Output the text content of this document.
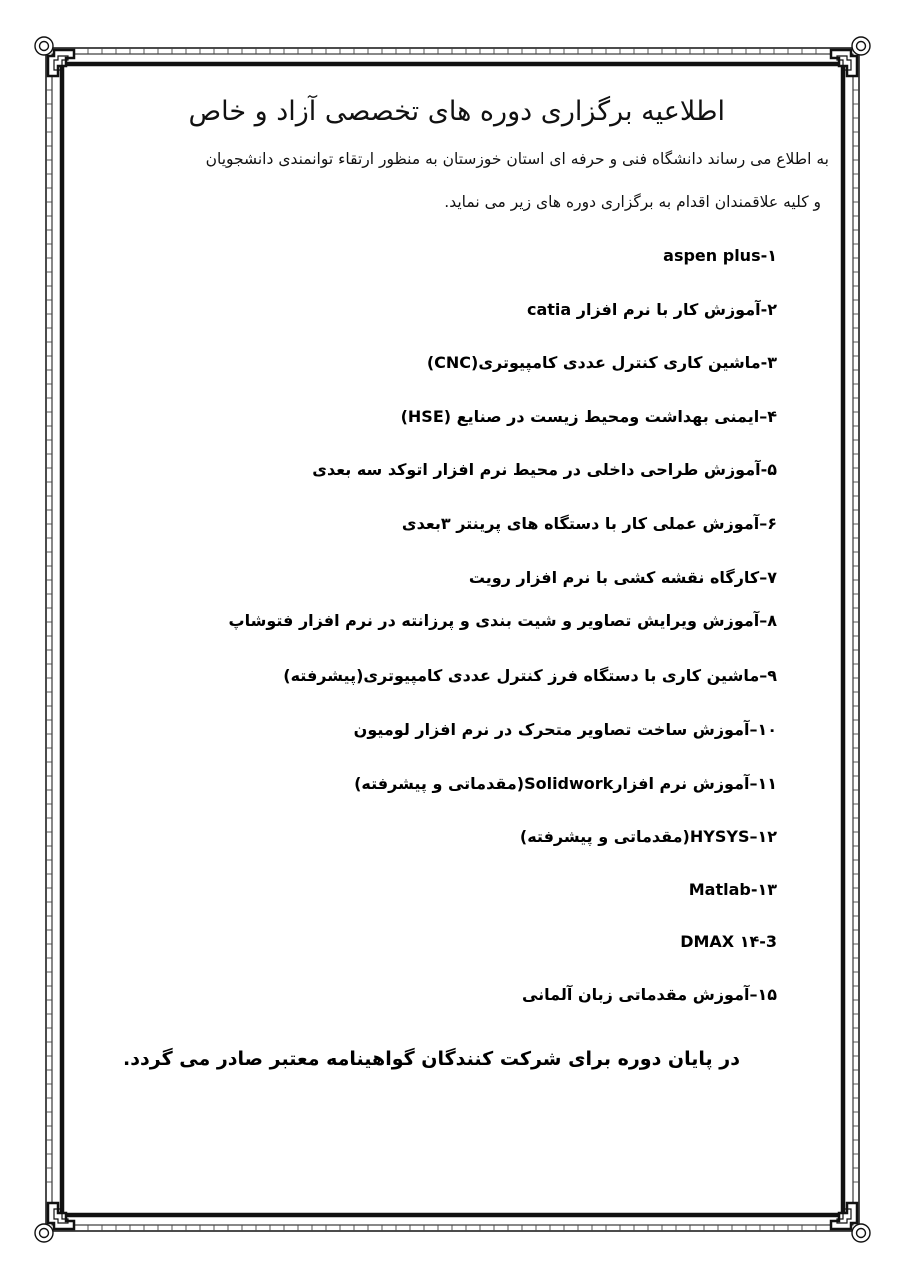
اطلاعیه برگزاری دوره های تخصصی آزاد و خاص
به اطلاع می رساند دانشگاه فنی و حرفه ای استان خوزستان به منظور ارتقاء توانمندی دانشجویان
و کلیه علاقمندان اقدام به برگزاری دوره های زیر می نماید.
۱-aspen plus
۲-آموزش کار با نرم افزار catia
۳-ماشین کاری کنترل عددی کامپیوتری(CNC)
۴–ایمنی بهداشت ومحیط زیست در صنایع (HSE)
۵-آموزش طراحی داخلی در محیط نرم افزار اتوکد سه بعدی
۶–آموزش عملی کار با دستگاه های پرینتر ۳بعدی
۷–کارگاه نقشه کشی با نرم افزار رویت
۸–آموزش ویرایش تصاویر و شیت بندی و پرزانته در نرم افزار فتوشاپ
۹–ماشین کاری با دستگاه فرز کنترل عددی کامپیوتری(پیشرفته)
۱۰–آموزش ساخت تصاویر متحرک در نرم افزار لومیون
۱۱–آموزش نرم افزارSolidwork(مقدماتی و پیشرفته)
۱۲–HYSYS(مقدماتی و پیشرفته)
۱۳-Matlab
۱۴-3 DMAX
۱۵–آموزش مقدماتی زبان آلمانی
در پایان دوره برای شرکت کنندگان گواهینامه معتبر صادر می گردد.
